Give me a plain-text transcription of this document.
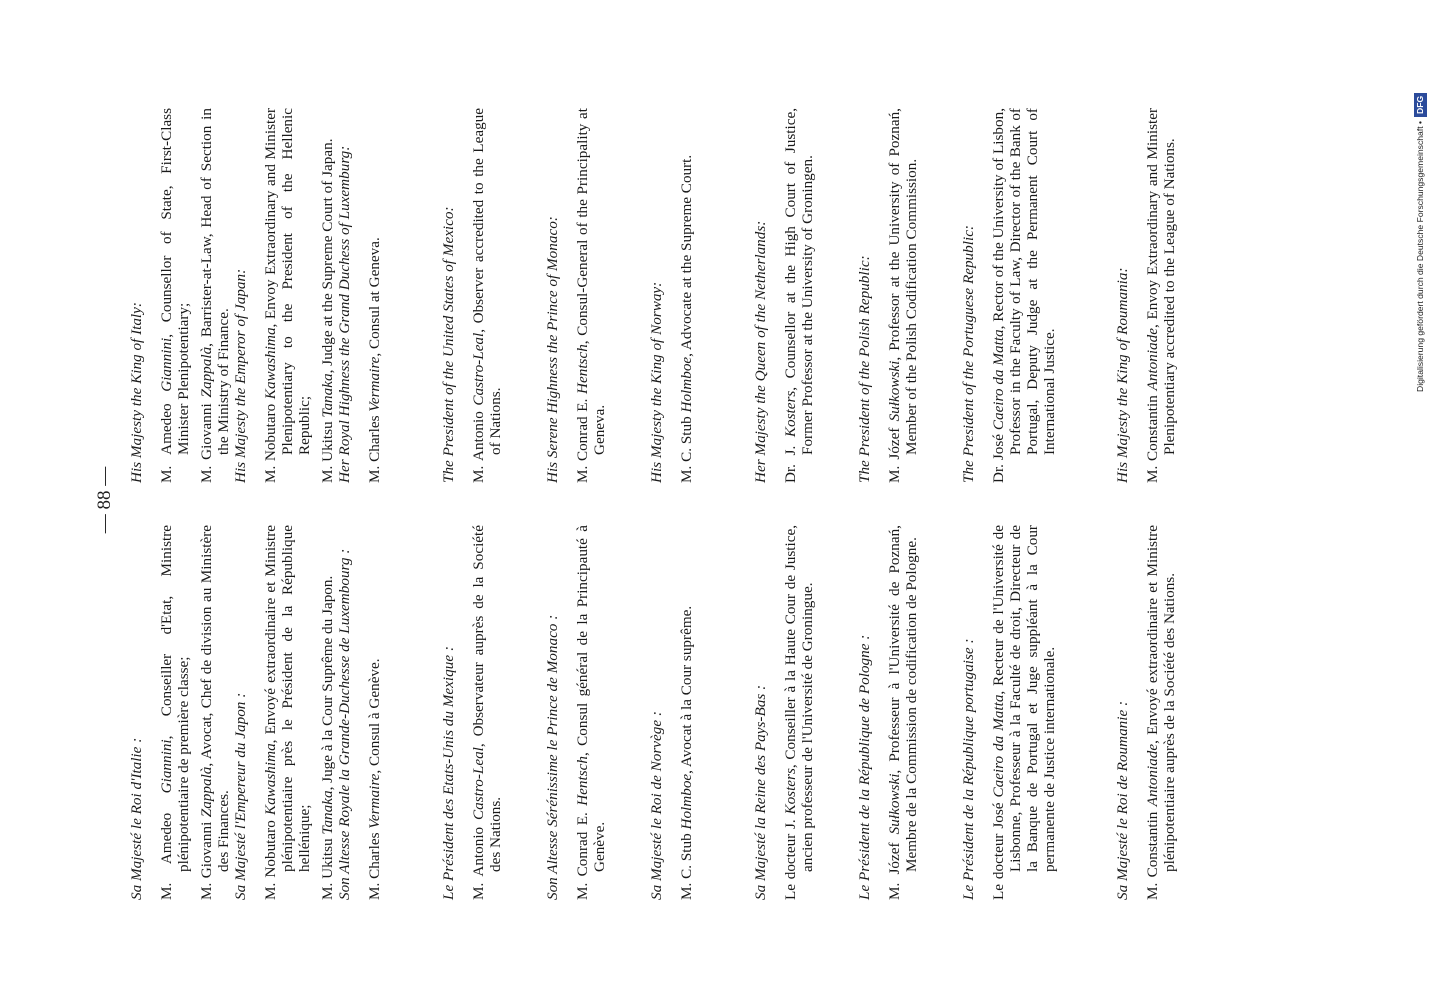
— 88 —
Sa Majesté le Roi d'Italie : M. Amedeo Giannini, Conseiller d'Etat, Ministre plénipotentiaire de première classe; M. Giovanni Zappalà, Avocat, Chef de division au Ministère des Finances. Sa Majesté l'Empereur du Japon : M. Nobutaro Kawashima, Envoyé extraordinaire et Ministre plénipotentiaire près le Président de la République hellénique; M. Ukitsu Tanaka, Juge à la Cour Suprême du Japon. Son Altesse Royale la Grande-Duchesse de Luxembourg : M. Charles Vermaire, Consul à Genève.	Le Président des Etats-Unis du Mexique : M. Antonio Castro-Leal, Observateur auprès de la Société des Nations.	Son Altesse Sérénissime le Prince de Monaco : M. Conrad E. Hentsch, Consul général de la Principauté à Genève.	Sa Majesté le Roi de Norvège : M. C. Stub Holmboe, Avocat à la Cour suprême.	Sa Majesté la Reine des Pays-Bas : Le docteur J. Kosters, Conseiller à la Haute Cour de Justice, ancien professeur de l'Université de Groningue.	Le Président de la République de Pologne : M. Józef Sułkowski, Professeur à l'Université de Poznań, Membre de la Commission de codification de Pologne.	Le Président de la République portugaise : Le docteur José Caeiro da Matta, Recteur de l'Université de Lisbonne, Professeur à la Faculté de droit, Directeur de la Banque de Portugal et Juge suppléant à la Cour permanente de Justice internationale.	Sa Majesté le Roi de Roumanie : M. Constantin Antoniade, Envoyé extraordinaire et Ministre plénipotentiaire auprès de la Société des Nations.
His Majesty the King of Italy: M. Amedeo Giannini, Counsellor of State, First-Class Minister Plenipotentiary; M. Giovanni Zappalà, Barrister-at-Law, Head of Section in the Ministry of Finance. His Majesty the Emperor of Japan: M. Nobutaro Kawashima, Envoy Extraordinary and Minister Plenipotentiary to the President of the Hellenic Republic; M. Ukitsu Tanaka, Judge at the Supreme Court of Japan. Her Royal Highness the Grand Duchess of Luxemburg: M. Charles Vermaire, Consul at Geneva.	The President of the United States of Mexico: M. Antonio Castro-Leal, Observer accredited to the League of Nations.	His Serene Highness the Prince of Monaco: M. Conrad E. Hentsch, Consul-General of the Principality at Geneva.	His Majesty the King of Norway: M. C. Stub Holmboe, Advocate at the Supreme Court.	Her Majesty the Queen of the Netherlands: Dr. J. Kosters, Counsellor at the High Court of Justice, Former Professor at the University of Groningen.	The President of the Polish Republic: M. Józef Sułkowski, Professor at the University of Poznań, Member of the Polish Codification Commission.	The President of the Portuguese Republic: Dr. José Caeiro da Matta, Rector of the University of Lisbon, Professor in the Faculty of Law, Director of the Bank of Portugal, Deputy Judge at the Permanent Court of International Justice.	His Majesty the King of Roumania: M. Constantin Antoniade, Envoy Extraordinary and Minister Plenipotentiary accredited to the League of Nations.	Digitalisierung gefördert durch die Deutsche Forschungsgemeinschaft •DFG
